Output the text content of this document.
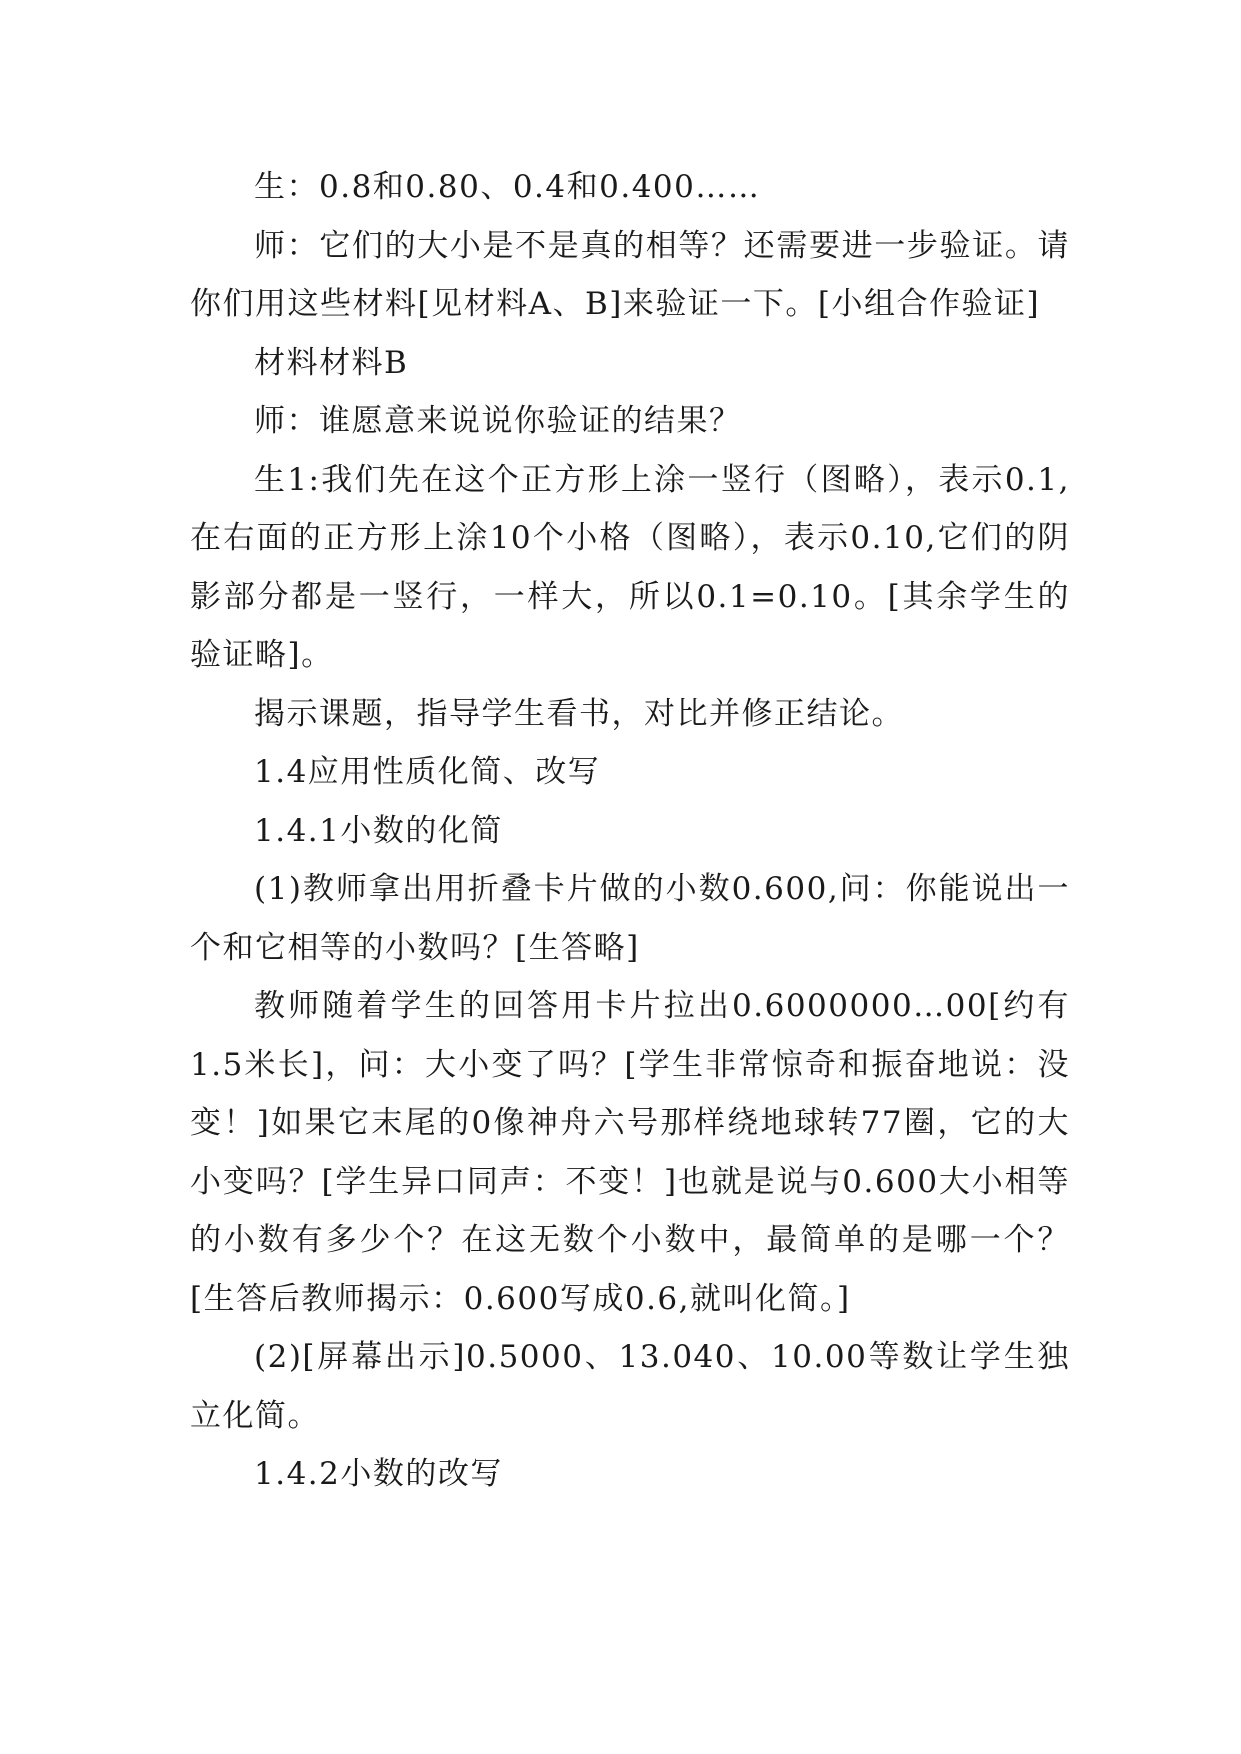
生：0.8和0.80、0.4和0.400……

师：它们的大小是不是真的相等？还需要进一步验证。请你们用这些材料[见材料A、B]来验证一下。[小组合作验证]

材料材料B

师：谁愿意来说说你验证的结果？

生1:我们先在这个正方形上涂一竖行（图略），表示0.1,在右面的正方形上涂10个小格（图略），表示0.10,它们的阴影部分都是一竖行，一样大，所以0.1=0.10。[其余学生的验证略]。

揭示课题，指导学生看书，对比并修正结论。

1.4应用性质化简、改写

1.4.1小数的化简

(1)教师拿出用折叠卡片做的小数0.600,问：你能说出一个和它相等的小数吗？[生答略]

教师随着学生的回答用卡片拉出0.6000000…00[约有1.5米长]，问：大小变了吗？[学生非常惊奇和振奋地说：没变！]如果它末尾的0像神舟六号那样绕地球转77圈，它的大小变吗？[学生异口同声：不变！]也就是说与0.600大小相等的小数有多少个？在这无数个小数中，最简单的是哪一个？[生答后教师揭示：0.600写成0.6,就叫化简。]

(2)[屏幕出示]0.5000、13.040、10.00等数让学生独立化简。

1.4.2小数的改写
